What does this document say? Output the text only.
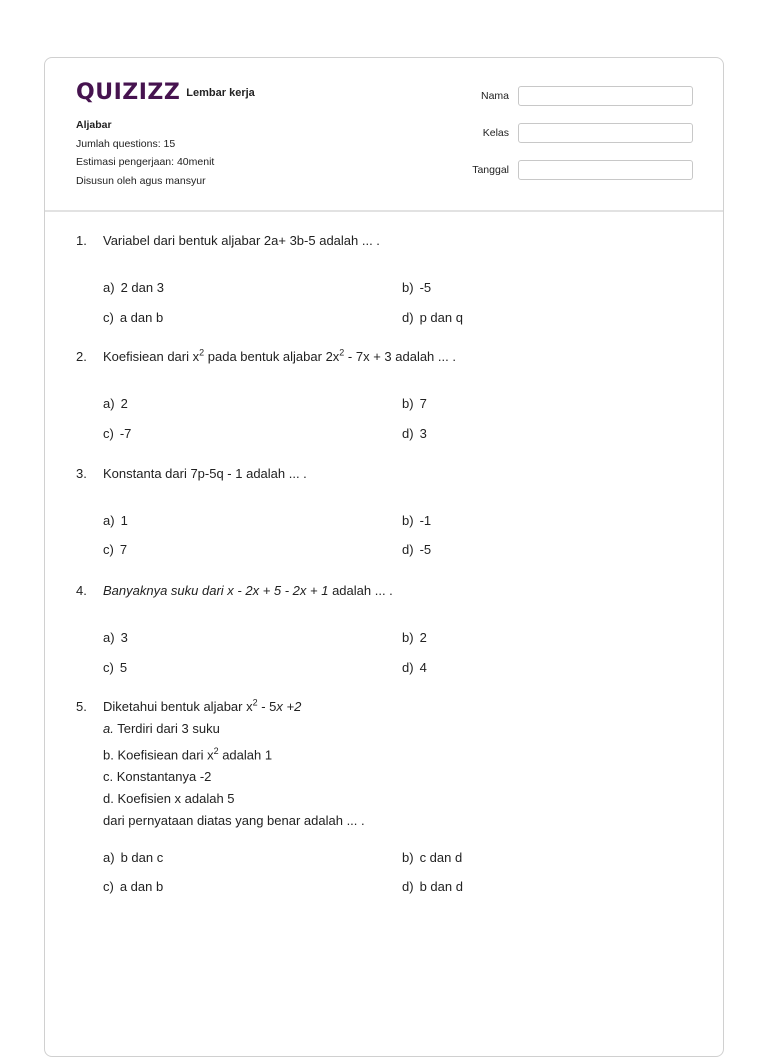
QUIZIZZ Lembar kerja
Aljabar
Jumlah questions: 15
Estimasi pengerjaan: 40menit
Disusun oleh agus mansyur
Nama
Kelas
Tanggal
1.	Variabel dari bentuk aljabar 2a+ 3b-5 adalah ... .
a) 2 dan 3	b) -5
c) a dan b	d) p dan q
2.	Koefisiean dari $x^2$ pada bentuk aljabar $2x^2 - 7x + 3$ adalah ... .
a) 2	b) 7
c) -7	d) 3
3.	Konstanta dari 7p-5q - 1 adalah ... .
a) 1	b) -1
c) 7	d) -5
4.	Banyaknya suku dari x - 2x + 5 - 2x + 1 adalah ... .
a) 3	b) 2
c) 5	d) 4
5.	Diketahui bentuk aljabar $x^2 - 5x +2$
a. Terdiri dari 3 suku
b. Koefisiean dari $x^2$ adalah 1
c. Konstantanya -2
d. Koefisien x adalah 5
dari pernyataan diatas yang benar adalah ... .
a) b dan c	b) c dan d
c) a dan b	d) b dan d
